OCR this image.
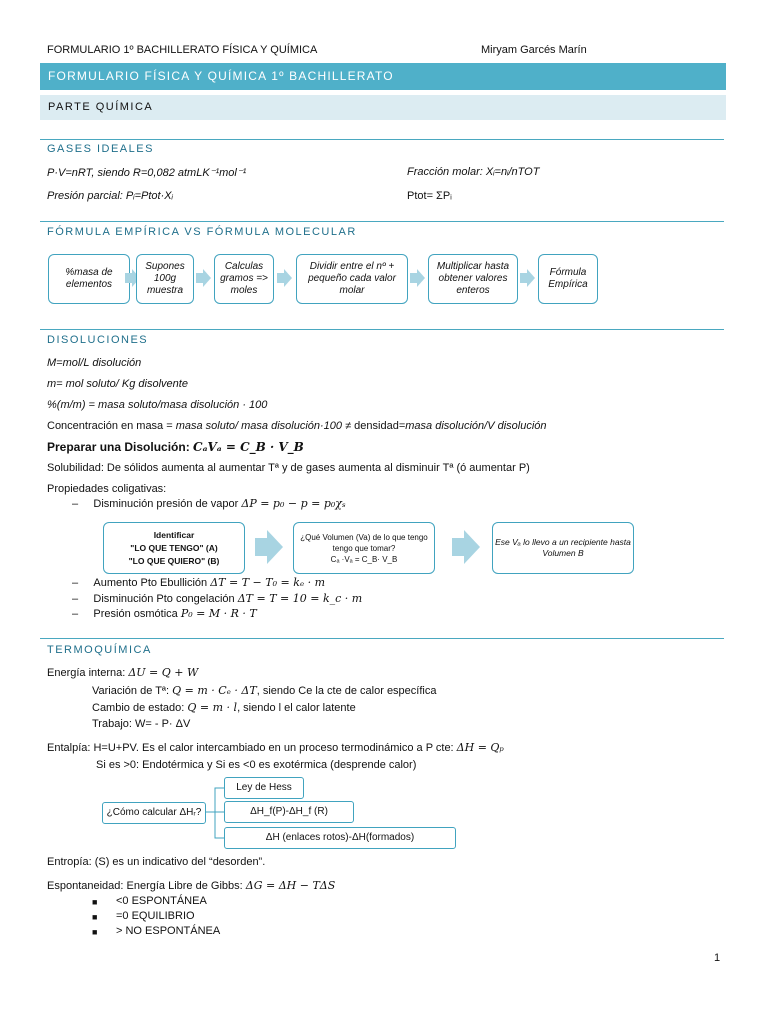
FORMULARIO 1º BACHILLERATO FÍSICA Y QUÍMICA	Miryam Garcés Marín
FORMULARIO FÍSICA Y QUÍMICA 1º BACHILLERATO
PARTE QUÍMICA
GASES IDEALES
P·V=nRT, siendo R=0,082 atmLK⁻¹mol⁻¹	Fracción molar: Xᵢ=nᵢ/nTOT
Presión parcial: Pᵢ=Ptot·Xᵢ	Ptot= ΣPᵢ
FÓRMULA EMPÍRICA VS FÓRMULA MOLECULAR
%masa de elementos
Supones 100g muestra
Calculas gramos => moles
Dividir entre el nº + pequeño cada valor molar
Multiplicar hasta obtener valores enteros
Fórmula Empírica
DISOLUCIONES
M=mol/L disolución
m= mol soluto/ Kg disolvente
%(m/m) = masa soluto/masa disolución · 100
Concentración en masa = masa soluto/ masa disolución·100 ≠ densidad=masa disolución/V disolución
Preparar una Disolución: CₐVₐ = C_B · V_B
Solubilidad: De sólidos aumenta al aumentar Tª y de gases aumenta al disminuir Tª (ó aumentar P)
Propiedades coligativas:
–     Disminución presión de vapor ΔP = p₀ − p = p₀χₛ
Identificar
"LO QUE TENGO" (A)
"LO QUE QUIERO" (B)
¿Qué Volumen (Va) de lo que tengo tengo que tomar?
Cₐ ·Vₐ = C_B· V_B
Ese Vₐ lo llevo a un recipiente hasta Volumen B
–     Aumento Pto Ebullición ΔT = T − T₀ = kₑ · m
–     Disminución Pto congelación ΔT = T = 10 = k_c · m
–     Presión osmótica P₀ = M · R · T
TERMOQUÍMICA
Energía interna: ΔU = Q + W
Variación de Tª: Q = m · Cₑ · ΔT, siendo Ce la cte de calor específica
Cambio de estado: Q = m · l, siendo l el calor latente
Trabajo: W= - P· ΔV
Entalpía: H=U+PV. Es el calor intercambiado en un proceso termodinámico a P cte: ΔH = Qₚ
Si es >0: Endotérmica y Si es <0 es exotérmica (desprende calor)
¿Cómo calcular ΔHᵣ?
Ley de Hess
ΔH_f(P)-ΔH_f (R)
ΔH (enlaces rotos)-ΔH(formados)
Entropía: (S) es un indicativo del “desorden”.
Espontaneidad: Energía Libre de Gibbs: ΔG = ΔH − TΔS
■ <0 ESPONTÁNEA
■ =0 EQUILIBRIO
■ > NO ESPONTÁNEA
1
